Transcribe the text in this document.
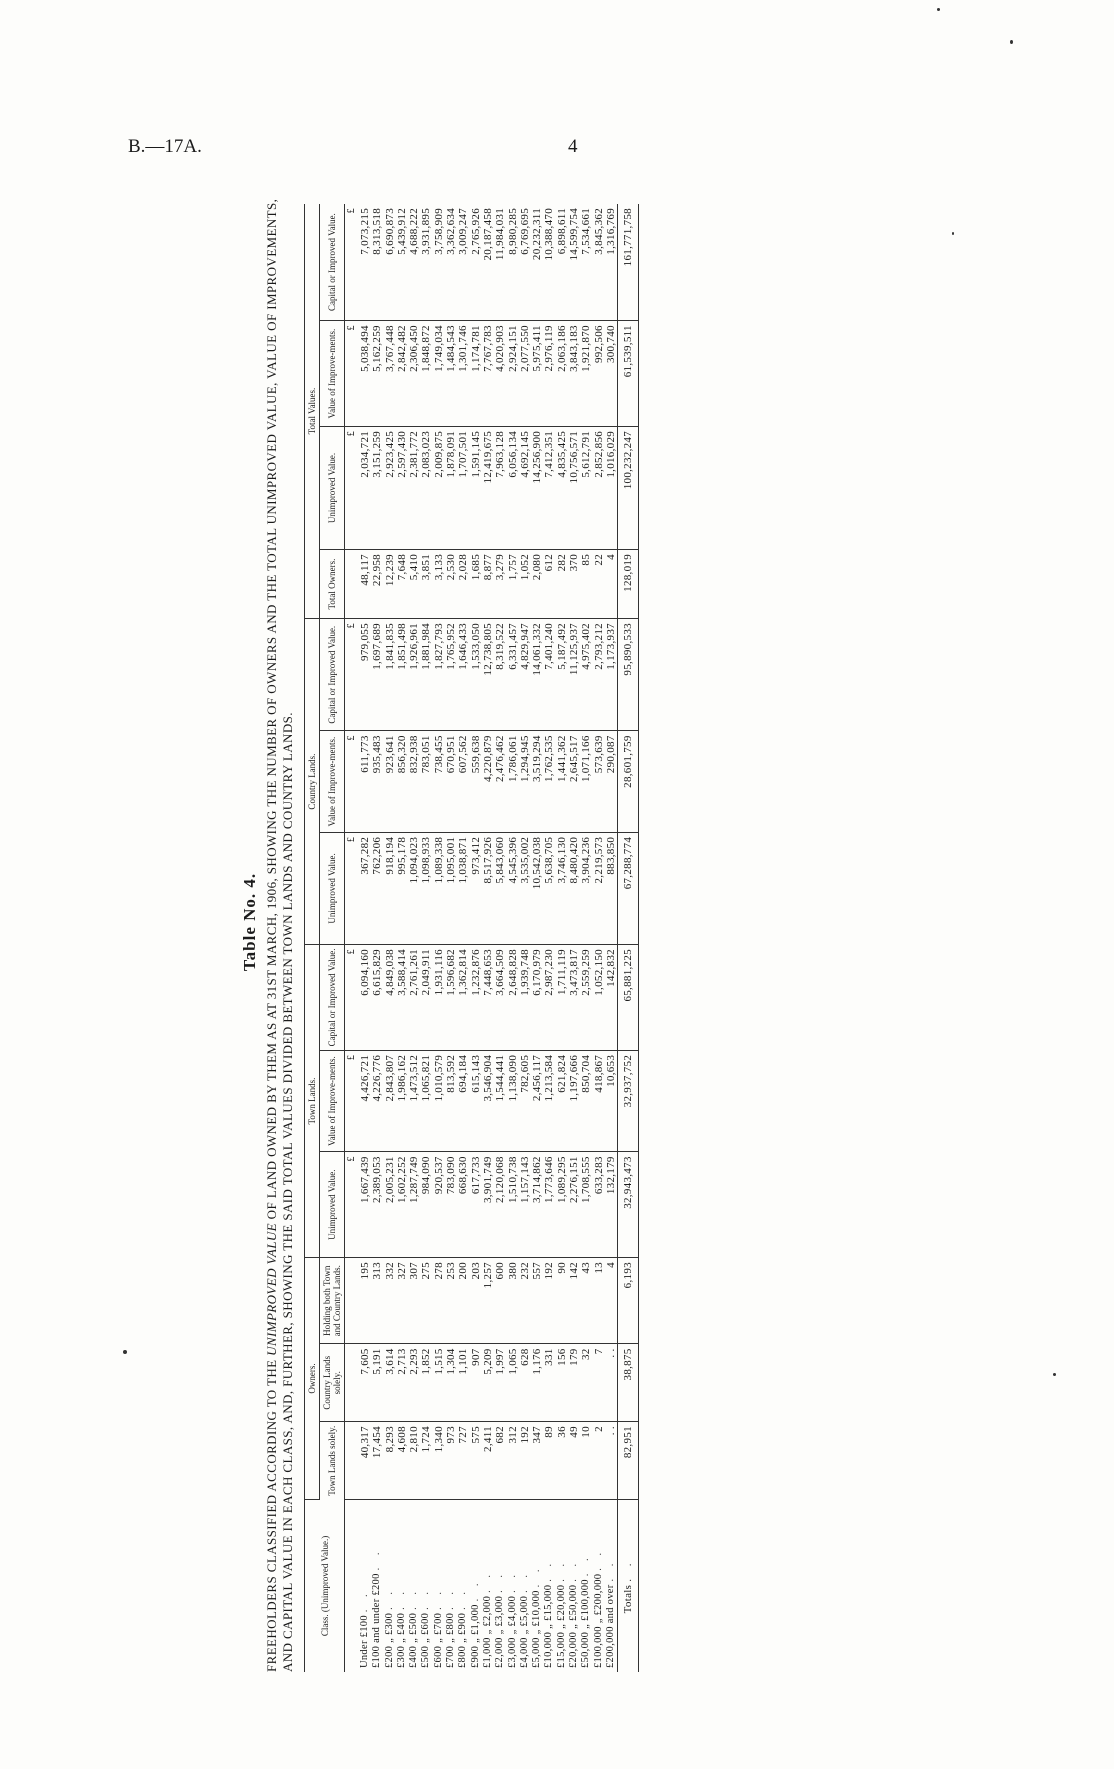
B.—17A.	4
Table No. 4.
FREEHOLDERS CLASSIFIED ACCORDING TO THE UNIMPROVED VALUE OF LAND OWNED BY THEM AS AT 31ST MARCH, 1906, SHOWING THE NUMBER OF OWNERS AND THE TOTAL UNIMPROVED VALUE, VALUE OF IMPROVEMENTS, AND CAPITAL VALUE IN EACH CLASS, AND, FURTHER, SHOWING THE SAID TOTAL VALUES DIVIDED BETWEEN TOWN LANDS AND COUNTRY LANDS.	Class. (Unimproved Value.)	Owners.			Town Lands.			Country Lands.			Total Values.			
	Town Lands solely.	Country Lands solely.	Holding both Town and Country Lands.	Unimproved Value.	Value of Improve-ments.	Capital or Improved Value.	Unimproved Value.	Value of Improve-ments.	Capital or Improved Value.	Total Owners.	Unimproved Value.	Value of Improve-ments.	Capital or Improved Value.
				£	£	£	£	£	£		£	£	£
Under £100 . .	40,317	7,605	195	1,667,439	4,426,721	6,094,160	367,282	611,773	979,055	48,117	2,034,721	5,038,494	7,073,215
£100 and under £200 . .	17,454	5,191	313	2,389,053	4,226,776	6,615,829	762,206	935,483	1,697,689	22,958	3,151,259	5,162,259	8,313,518
£200 „ £300 . .	8,293	3,614	332	2,005,231	2,843,807	4,849,038	918,194	923,641	1,841,835	12,239	2,923,425	3,767,448	6,690,873
£300 „ £400 . .	4,608	2,713	327	1,602,252	1,986,162	3,588,414	995,178	856,320	1,851,498	7,648	2,597,430	2,842,482	5,439,912
£400 „ £500 . .	2,810	2,293	307	1,287,749	1,473,512	2,761,261	1,094,023	832,938	1,926,961	5,410	2,381,772	2,306,450	4,688,222
£500 „ £600 . .	1,724	1,852	275	984,090	1,065,821	2,049,911	1,098,933	783,051	1,881,984	3,851	2,083,023	1,848,872	3,931,895
£600 „ £700 . .	1,340	1,515	278	920,537	1,010,579	1,931,116	1,089,338	738,455	1,827,793	3,133	2,009,875	1,749,034	3,758,909
£700 „ £800 . .	973	1,304	253	783,090	813,592	1,596,682	1,095,001	670,951	1,765,952	2,530	1,878,091	1,484,543	3,362,634
£800 „ £900 . .	727	1,101	200	668,630	694,184	1,362,814	1,038,871	607,562	1,646,433	2,028	1,707,501	1,301,746	3,009,247
£900 „ £1,000 . .	575	907	203	617,733	615,143	1,232,876	973,412	559,638	1,533,050	1,685	1,591,145	1,174,781	2,765,926
£1,000 „ £2,000 . .	2,411	5,209	1,257	3,901,749	3,546,904	7,448,653	8,517,926	4,220,879	12,738,805	8,877	12,419,675	7,767,783	20,187,458
£2,000 „ £3,000 . .	682	1,997	600	2,120,068	1,544,441	3,664,509	5,843,060	2,476,462	8,319,522	3,279	7,963,128	4,020,903	11,984,031
£3,000 „ £4,000 . .	312	1,065	380	1,510,738	1,138,090	2,648,828	4,545,396	1,786,061	6,331,457	1,757	6,056,134	2,924,151	8,980,285
£4,000 „ £5,000 . .	192	628	232	1,157,143	782,605	1,939,748	3,535,002	1,294,945	4,829,947	1,052	4,692,145	2,077,550	6,769,695
£5,000 „ £10,000 . .	347	1,176	557	3,714,862	2,456,117	6,170,979	10,542,038	3,519,294	14,061,332	2,080	14,256,900	5,975,411	20,232,311
£10,000 „ £15,000 . .	89	331	192	1,773,646	1,213,584	2,987,230	5,638,705	1,762,535	7,401,240	612	7,412,351	2,976,119	10,388,470
£15,000 „ £20,000 . .	36	156	90	1,089,295	621,824	1,711,119	3,746,130	1,441,362	5,187,492	282	4,835,425	2,063,186	6,898,611
£20,000 „ £50,000 . .	49	179	142	2,276,151	1,197,666	3,473,817	8,480,420	2,645,517	11,125,937	370	10,756,571	3,843,183	14,599,754
£50,000 „ £100,000 . .	10	32	43	1,708,555	850,704	2,559,259	3,904,236	1,071,166	4,975,402	85	5,612,791	1,921,870	7,534,661
£100,000 „ £200,000 . .	2	7	13	633,283	418,867	1,052,150	2,219,573	573,639	2,793,212	22	2,852,856	992,506	3,845,362
£200,000 and over . .	. .	. .	4	132,179	10,653	142,832	883,850	290,087	1,173,937	4	1,016,029	300,740	1,316,769
Totals . .	82,951	38,875	6,193	32,943,473	32,937,752	65,881,225	67,288,774	28,601,759	95,890,533	128,019	100,232,247	61,539,511	161,771,758
